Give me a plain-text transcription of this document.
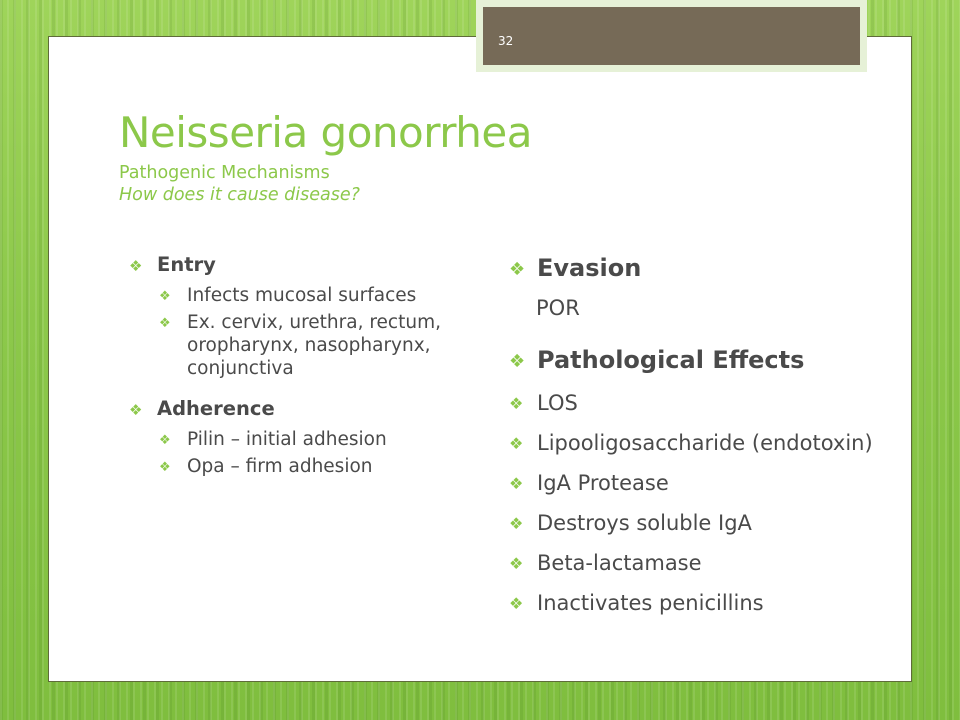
32
Neisseria gonorrhea
Pathogenic Mechanisms
How does it cause disease?
❖ Entry
❖ Infects mucosal surfaces
❖ Ex. cervix, urethra, rectum, oropharynx, nasopharynx, conjunctiva
❖ Adherence
❖ Pilin – initial adhesion
❖ Opa – firm adhesion
❖ Evasion
POR
❖ Pathological Effects
❖ LOS
❖ Lipooligosaccharide (endotoxin)
❖ IgA Protease
❖ Destroys soluble IgA
❖ Beta-lactamase
❖ Inactivates penicillins
